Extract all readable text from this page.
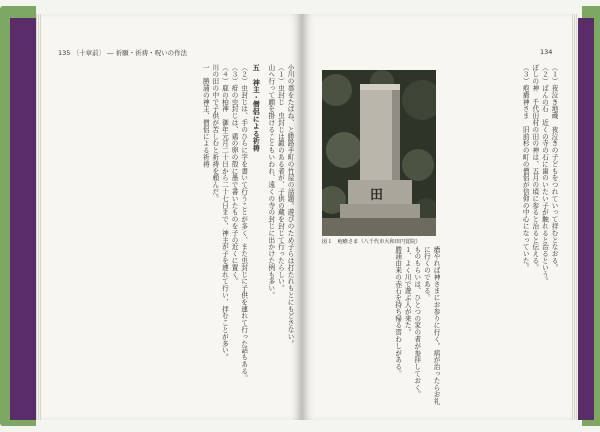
135 〔十章前〕 ― 祈願・祈祷・呪いの作法	134

小川の藁をたばね、と勝路手町の竹屋の話題。遊びのため子らは打たれもとにもどさない。

（１）虫封じ　虫封じは鍛のある者が、子供の蔵を封じて行ったらしい。

山へ行って願を掛けることもいわれ、遠くの寺の封じに出かけた例も多い。

五　神主・僧侶による祈祷

（２）虫封じは、手のひらに字を書いて行うことが多く、また虫封じに子供を連れて行った話もある。

（３）疳の虫封じは、鶏の卵の殻に墨で書いたものを子の近くに置く。

（４）鹿の柏神　御年元月二十日から二十七日まで、神主が子を連れて行い、拝むことが多い。

川の田の中で子供が苦しむと祈祷を頼んだ。

一　勝浦の神主、僧侶による祈祷	（１）夜泣き地蔵　夜泣きの子どもをつれていって拝むとなおる。

（２）ばんの石　近くの寺の石に歯のいたい子が触れると治るという。

ぼしの神　千代田村の田の神は、五月の頃に参ると治ると伝える。

（３）疱瘡神さま　旧前杉の町の僧侶が信仰の中心になっていた。

田
図１　疱瘡さま（八千代市大和田円覚院）

瘡やれば神さまにお参りに行く。病が治ったらお礼に行くのである。

ものもらいは、ひとつの家の者が参拝しておく。

１．よく川で遊ぶ人が来た。

勝浦由来の赤石を持ち帰る習わしがある。
